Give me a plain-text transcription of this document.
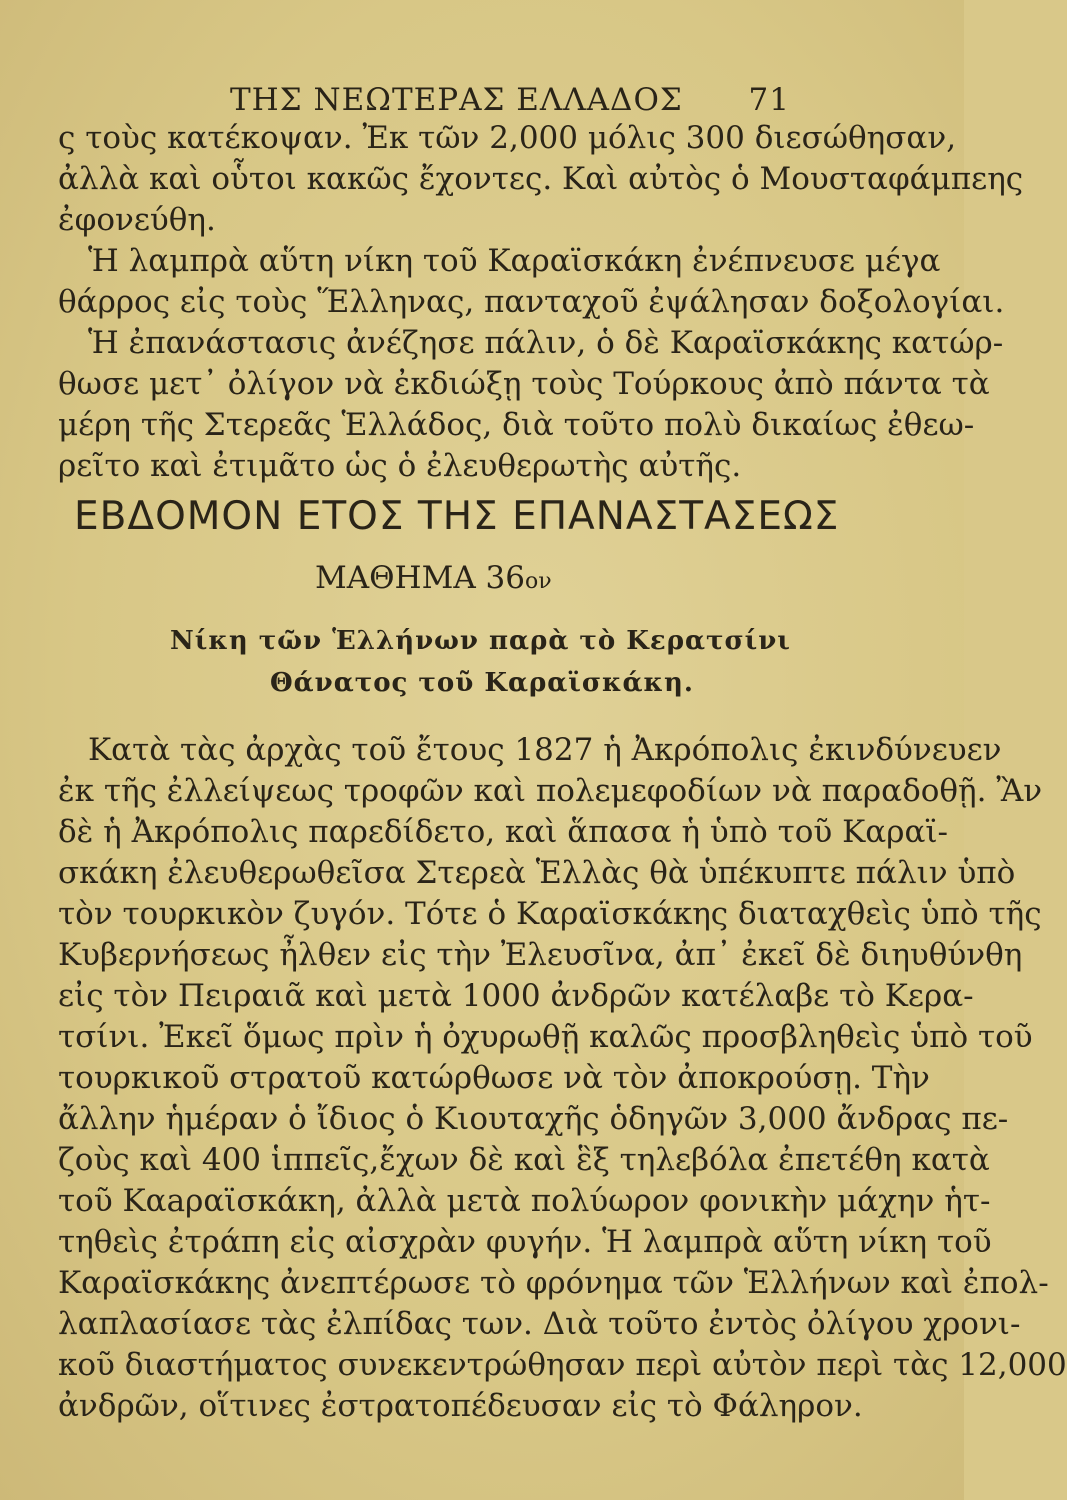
ΤΗΣ ΝΕΩΤΕΡΑΣ ΕΛΛΑΔΟΣ 71
ς τοὺς κατέκοψαν. Ἐκ τῶν 2,000 μόλις 300 διεσώθησαν,
ἀλλὰ καὶ οὗτοι κακῶς ἔχοντες. Καὶ αὐτὸς ὁ Μουσταφάμπεης
ἐφονεύθη.
Ἡ λαμπρὰ αὕτη νίκη τοῦ Καραϊσκάκη ἐνέπνευσε μέγα
θάρρος εἰς τοὺς Ἕλληνας, πανταχοῦ ἐψάλησαν δοξολογίαι.
Ἡ ἐπανάστασις ἀνέζησε πάλιν, ὁ δὲ Καραϊσκάκης κατώρ-
θωσε μετ᾽ ὀλίγον νὰ ἐκδιώξῃ τοὺς Τούρκους ἀπὸ πάντα τὰ
μέρη τῆς Στερεᾶς Ἑλλάδος, διὰ τοῦτο πολὺ δικαίως ἐθεω-
ρεῖτο καὶ ἐτιμᾶτο ὡς ὁ ἐλευθερωτὴς αὐτῆς.
ΕΒΔΟΜΟΝ ΕΤΟΣ ΤΗΣ ΕΠΑΝΑΣΤΑΣΕΩΣ
ΜΑΘΗΜΑ 36ον
Νίκη τῶν Ἑλλήνων παρὰ τὸ Κερατσίνι
Θάνατος τοῦ Καραϊσκάκη.
Κατὰ τὰς ἀρχὰς τοῦ ἔτους 1827 ἡ Ἀκρόπολις ἐκινδύνευεν
ἐκ τῆς ἐλλείψεως τροφῶν καὶ πολεμεφοδίων νὰ παραδοθῇ. Ἂν
δὲ ἡ Ἀκρόπολις παρεδίδετο, καὶ ἅπασα ἡ ὑπὸ τοῦ Καραϊ-
σκάκη ἐλευθερωθεῖσα Στερεὰ Ἑλλὰς θὰ ὑπέκυπτε πάλιν ὑπὸ
τὸν τουρκικὸν ζυγόν. Τότε ὁ Καραϊσκάκης διαταχθεὶς ὑπὸ τῆς
Κυβερνήσεως ἦλθεν εἰς τὴν Ἐλευσῖνα, ἀπ᾽ ἐκεῖ δὲ διηυθύνθη
εἰς τὸν Πειραιᾶ καὶ μετὰ 1000 ἀνδρῶν κατέλαβε τὸ Κερα-
τσίνι. Ἐκεῖ ὅμως πρὶν ἡ ὀχυρωθῇ καλῶς προσβληθεὶς ὑπὸ τοῦ
τουρκικοῦ στρατοῦ κατώρθωσε νὰ τὸν ἀποκρούσῃ. Τὴν
ἄλλην ἡμέραν ὁ ἴδιος ὁ Κιουταχῆς ὁδηγῶν 3,000 ἄνδρας πε-
ζοὺς καὶ 400 ἱππεῖς,ἔχων δὲ καὶ ἓξ τηλεβόλα ἐπετέθη κατὰ
τοῦ Καaραϊσκάκη, ἀλλὰ μετὰ πολύωρον φονικὴν μάχην ἡτ-
τηθεὶς ἐτράπη εἰς αἰσχρὰν φυγήν. Ἡ λαμπρὰ αὕτη νίκη τοῦ
Καραϊσκάκης ἀνεπτέρωσε τὸ φρόνημα τῶν Ἑλλήνων καὶ ἐπολ-
λαπλασίασε τὰς ἐλπίδας των. Διὰ τοῦτο ἐντὸς ὀλίγου χρονι-
κοῦ διαστήματος συνεκεντρώθησαν περὶ αὐτὸν περὶ τὰς 12,000
ἀνδρῶν, οἵτινες ἐστρατοπέδευσαν εἰς τὸ Φάληρον.
